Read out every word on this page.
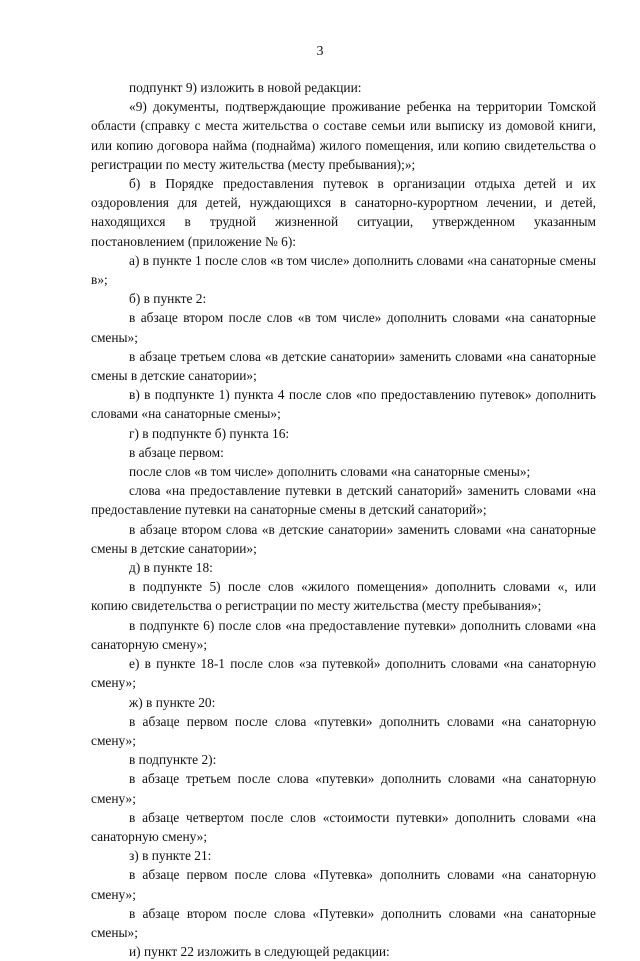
3

подпункт 9) изложить в новой редакции:

«9) документы, подтверждающие проживание ребенка на территории Томской области (справку с места жительства о составе семьи или выписку из домовой книги, или копию договора найма (поднайма) жилого помещения, или копию свидетельства о регистрации по месту жительства (месту пребывания);»;

б) в Порядке предоставления путевок в организации отдыха детей и их оздоровления для детей, нуждающихся в санаторно-курортном лечении, и детей, находящихся в трудной жизненной ситуации, утвержденном указанным постановлением (приложение № 6):

а) в пункте 1 после слов «в том числе» дополнить словами «на санаторные смены в»;

б) в пункте 2:

в абзаце втором после слов «в том числе» дополнить словами «на санаторные смены»;

в абзаце третьем слова «в детские санатории» заменить словами «на санаторные смены в детские санатории»;

в) в подпункте 1) пункта 4 после слов «по предоставлению путевок» дополнить словами «на санаторные смены»;

г) в подпункте б) пункта 16:

в абзаце первом:

после слов «в том числе» дополнить словами «на санаторные смены»;

слова «на предоставление путевки в детский санаторий» заменить словами «на предоставление путевки на санаторные смены в детский санаторий»;

в абзаце втором слова «в детские санатории» заменить словами «на санаторные смены в детские санатории»;

д) в пункте 18:

в подпункте 5) после слов «жилого помещения» дополнить словами «, или копию свидетельства о регистрации по месту жительства (месту пребывания»;

в подпункте 6) после слов «на предоставление путевки» дополнить словами «на санаторную смену»;

е) в пункте 18-1 после слов «за путевкой» дополнить словами «на санаторную смену»;

ж) в пункте 20:

в абзаце первом после слова «путевки» дополнить словами «на санаторную смену»;

в подпункте 2):

в абзаце третьем после слова «путевки» дополнить словами «на санаторную смену»;

в абзаце четвертом после слов «стоимости путевки» дополнить словами «на санаторную смену»;

з) в пункте 21:

в абзаце первом после слова «Путевка» дополнить словами «на санаторную смену»;

в абзаце втором после слова «Путевки» дополнить словами «на санаторные смены»;

и) пункт 22 изложить в следующей редакции:
